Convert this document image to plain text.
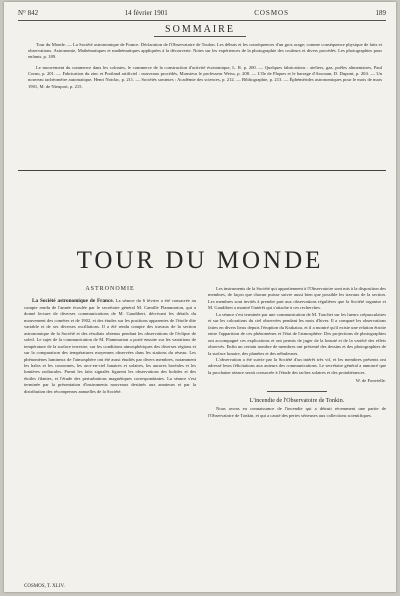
N° 842	14 février 1901	COSMOS	189
SOMMAIRE

Tour du Monde. — La Société astronomique de France. Déclaration de l'Observatoire de Toulon. Les débuts et les conséquences d'un gros orage; comme conséquence physique de faits et observations. Astronomie, Mathématiques et mathématiques appliquées à la découverte. Notes sur les expériences de la photographie des couleurs et divers procédés. Les photographies pour enfants. p. 189.

Le mouvement du commerce dans les colonies, le commerce de la construction d'activité économique, L. R. p. 200. — Quelques fabrications : ateliers, gaz, poêles alimentaires, Paul Cornu, p. 201. — Fabrication du zinc et Portland artificiel : nouveaux procédés, Monsieur le professeur Weiss, p. 208. — L'île de Pâques et le barrage d'Assouan, D. Dupont, p. 204. — Un nouveau tachéomètre automatique, Henri Noirlac, p. 211. — Sociétés savantes : Académie des sciences, p. 212. — Bibliographie, p. 213. — Éphémérides astronomiques pour le mois de mars 1901, M. de Nieuport, p. 215.

TOUR DU MONDE
ASTRONOMIE

La Société astronomique de France. La séance du 6 février a été consacrée au compte rendu de l'année écoulée par le secrétaire général M. Camille Flammarion, qui a donné lecture de diverses communications de M. Gaudibert, décrivant les détails du mouvement des comètes et de 1902, et des études sur les positions apparentes de l'étoile dite variable et de ses diverses oscillations. Il a été rendu compte des travaux de la section astronomique de la Société et des résultats obtenus pendant les observations de l'éclipse de soleil. Le sujet de la communication de M. Flammarion a porté ensuite sur les variations de température de la surface terrestre, sur les conditions atmosphériques des diverses régions et sur la comparaison des températures moyennes observées dans les stations du réseau. Les phénomènes lumineux de l'atmosphère ont été aussi étudiés par divers membres, notamment les halos et les couronnes, les arcs-en-ciel lunaires et solaires, les aurores boréales et les lumières zodiacales. Parmi les faits signalés figurent les observations des bolides et des étoiles filantes, et l'étude des perturbations magnétiques correspondantes. La séance s'est terminée par la présentation d'instruments nouveaux destinés aux amateurs et par la distribution des récompenses annuelles de la Société.

Les instruments de la Société qui appartiennent à l'Observatoire sont mis à la disposition des membres, de façon que chacun puisse suivre aussi bien que possible les travaux de la section. Les membres sont invités à prendre part aux observations régulières que la Société organise et M. Gaudibert a montré l'intérêt qui s'attache à ces recherches.

La séance s'est terminée par une communication de M. Touchet sur les lueurs crépusculaires et sur les colorations du ciel observées pendant les mois d'hiver. Il a comparé les observations faites en divers lieux depuis l'éruption du Krakatoa, et il a montré qu'il existe une relation étroite entre l'apparition de ces phénomènes et l'état de l'atmosphère. Des projections de photographies ont accompagné ces explications et ont permis de juger de la beauté et de la variété des effets observés. Enfin un certain nombre de membres ont présenté des dessins et des photographies de la surface lunaire, des planètes et des nébuleuses.

L'observation a été suivie par la Société d'un intérêt très vif, et les membres présents ont adressé leurs félicitations aux auteurs des communications. Le secrétaire général a annoncé que la prochaine séance serait consacrée à l'étude des taches solaires et des protubérances.

W. de Fonvielle.
L'incendie de l'Observatoire de Tonkin.

Nous avons eu connaissance de l'incendie qui a détruit récemment une partie de l'Observatoire de Tonkin, et qui a causé des pertes sérieuses aux collections scientifiques.

COSMOS, T. XLIV.
